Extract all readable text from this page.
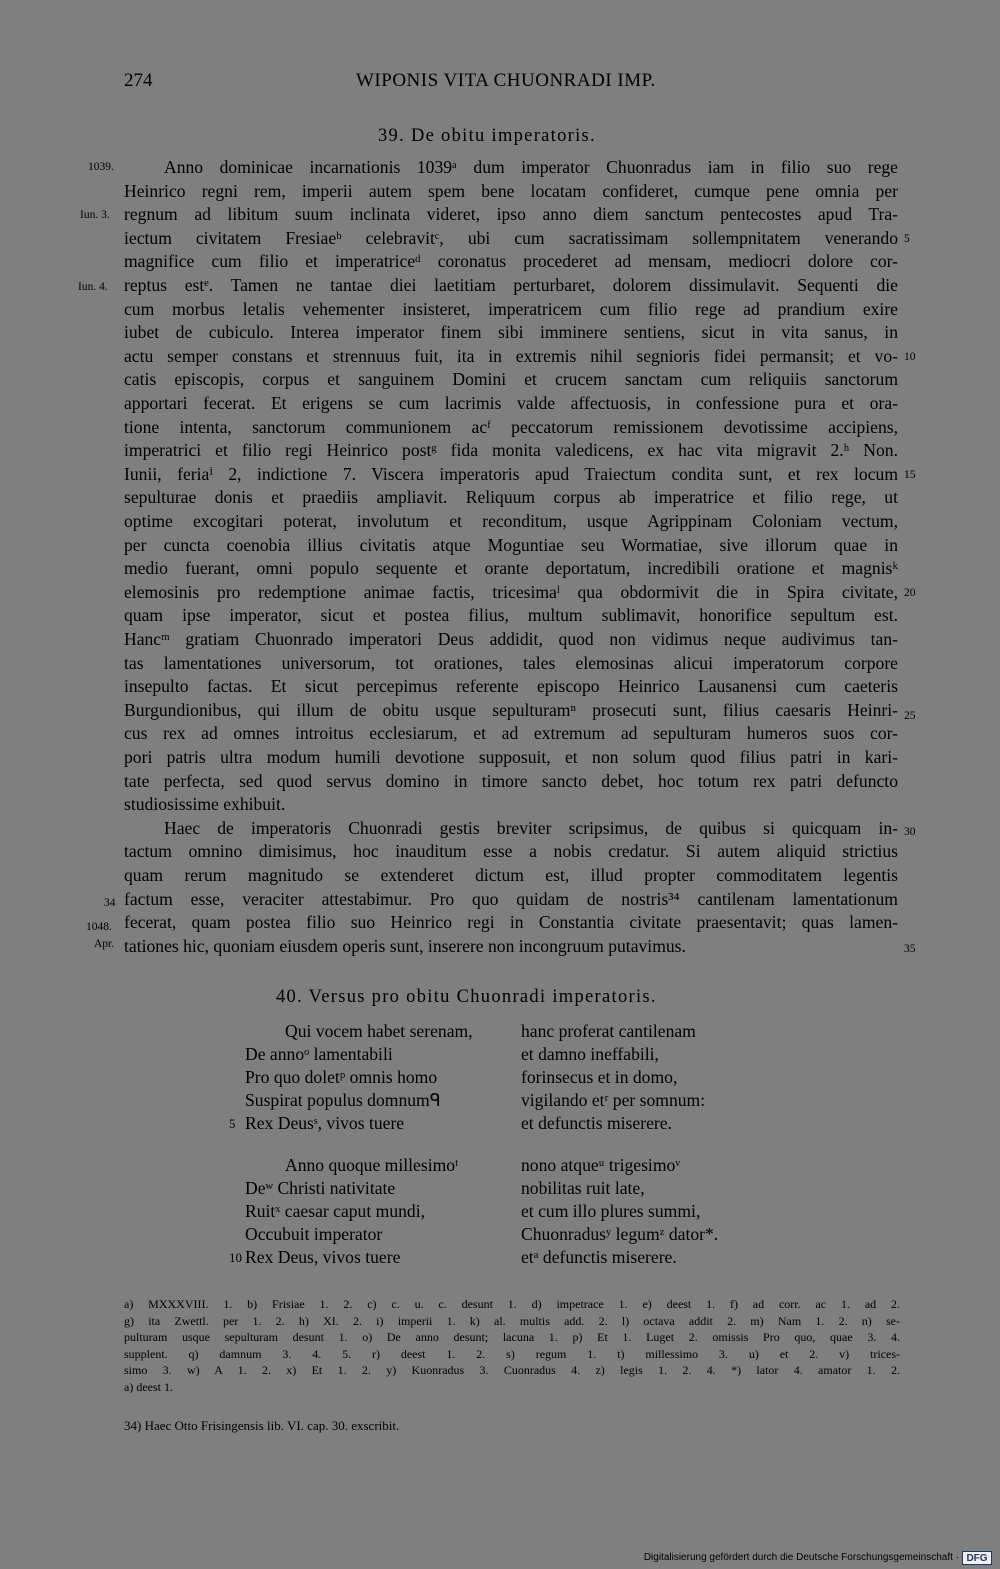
274	WIPONIS VITA CHUONRADI IMP.
39. De obitu imperatoris.
Anno dominicae incarnationis 1039ᵃ dum imperator Chuonradus iam in filio suo rege
Heinrico regni rem, imperii autem spem bene locatam confideret, cumque pene omnia per
regnum ad libitum suum inclinata videret, ipso anno diem sanctum pentecostes apud Tra-
iectum civitatem Fresiaeᵇ celebravitᶜ, ubi cum sacratissimam sollempnitatem venerando
magnifice cum filio et imperatriceᵈ coronatus procederet ad mensam, mediocri dolore cor-
reptus estᵉ. Tamen ne tantae diei laetitiam perturbaret, dolorem dissimulavit. Sequenti die
cum morbus letalis vehementer insisteret, imperatricem cum filio rege ad prandium exire
iubet de cubiculo. Interea imperator finem sibi imminere sentiens, sicut in vita sanus, in
actu semper constans et strennuus fuit, ita in extremis nihil segnioris fidei permansit; et vo-
catis episcopis, corpus et sanguinem Domini et crucem sanctam cum reliquiis sanctorum
apportari fecerat. Et erigens se cum lacrimis valde affectuosis, in confessione pura et ora-
tione intenta, sanctorum communionem acᶠ peccatorum remissionem devotissime accipiens,
imperatrici et filio regi Heinrico postᵍ fida monita valedicens, ex hac vita migravit 2.ʰ Non.
Iunii, feriaⁱ 2, indictione 7. Viscera imperatoris apud Traiectum condita sunt, et rex locum
sepulturae donis et praediis ampliavit. Reliquum corpus ab imperatrice et filio rege, ut
optime excogitari poterat, involutum et reconditum, usque Agrippinam Coloniam vectum,
per cuncta coenobia illius civitatis atque Moguntiae seu Wormatiae, sive illorum quae in
medio fuerant, omni populo sequente et orante deportatum, incredibili oratione et magnisᵏ
elemosinis pro redemptione animae factis, tricesimaˡ qua obdormivit die in Spira civitate,
quam ipse imperator, sicut et postea filius, multum sublimavit, honorifice sepultum est.
Hancᵐ gratiam Chuonrado imperatori Deus addidit, quod non vidimus neque audivimus tan-
tas lamentationes universorum, tot orationes, tales elemosinas alicui imperatorum corpore
insepulto factas. Et sicut percepimus referente episcopo Heinrico Lausanensi cum caeteris
Burgundionibus, qui illum de obitu usque sepulturamⁿ prosecuti sunt, filius caesaris Heinri-
cus rex ad omnes introitus ecclesiarum, et ad extremum ad sepulturam humeros suos cor-
pori patris ultra modum humili devotione supposuit, et non solum quod filius patri in kari-
tate perfecta, sed quod servus domino in timore sancto debet, hoc totum rex patri defuncto
studiosissime exhibuit.
Haec de imperatoris Chuonradi gestis breviter scripsimus, de quibus si quicquam in-
tactum omnino dimisimus, hoc inauditum esse a nobis credatur. Si autem aliquid strictius
quam rerum magnitudo se extenderet dictum est, illud propter commoditatem legentis
factum esse, veraciter attestabimur. Pro quo quidam de nostris³⁴ cantilenam lamentationum
fecerat, quam postea filio suo Heinrico regi in Constantia civitate praesentavit; quas lamen-
tationes hic, quoniam eiusdem operis sunt, inserere non incongruum putavimus.
1039.
Iun. 3.
Iun. 4.
34
1048.
Apr.
5
10
15
20
25
30
35
40. Versus pro obitu Chuonradi imperatoris.
Qui vocem habet serenam,	hanc proferat cantilenam
De annoᵒ lamentabili	et damno ineffabili,
Pro quo doletᵖ omnis homo	forinsecus et in domo,
Suspirat populus domnumᑫ	vigilando etʳ per somnum:
5 Rex Deusˢ, vivos tuere	et defunctis miserere.
Anno quoque millesimoᵗ	nono atqueᵘ trigesimoᵛ
Deʷ Christi nativitate	nobilitas ruit late,
Ruitˣ caesar caput mundi,	et cum illo plures summi,
Occubuit imperator	Chuonradusʸ legumᶻ dator*.
10 Rex Deus, vivos tuere	etᵃ defunctis miserere.
a) MXXXVIII. 1. b) Frisiae 1. 2. c) c. u. c. desunt 1. d) impetrace 1. e) deest 1. f) ad corr. ac 1. ad 2.
g) ita Zwettl. per 1. 2. h) XI. 2. i) imperii 1. k) al. multis add. 2. l) octava addit 2. m) Nam 1. 2. n) se-
pulturam usque sepulturam desunt 1. o) De anno desunt; lacuna 1. p) Et 1. Luget 2. omissis Pro quo, quae 3. 4.
supplent. q) damnum 3. 4. 5. r) deest 1. 2. s) regum 1. t) millessimo 3. u) et 2. v) trices-
simo 3. w) A 1. 2. x) Et 1. 2. y) Kuonradus 3. Cuonradus 4. z) legis 1. 2. 4. *) lator 4. amator 1. 2.
a) deest 1.
34) Haec Otto Frisingensis lib. VI. cap. 30. exscribit.
Digitalisierung gefördert durch die Deutsche Forschungsgemeinschaft · DFG
